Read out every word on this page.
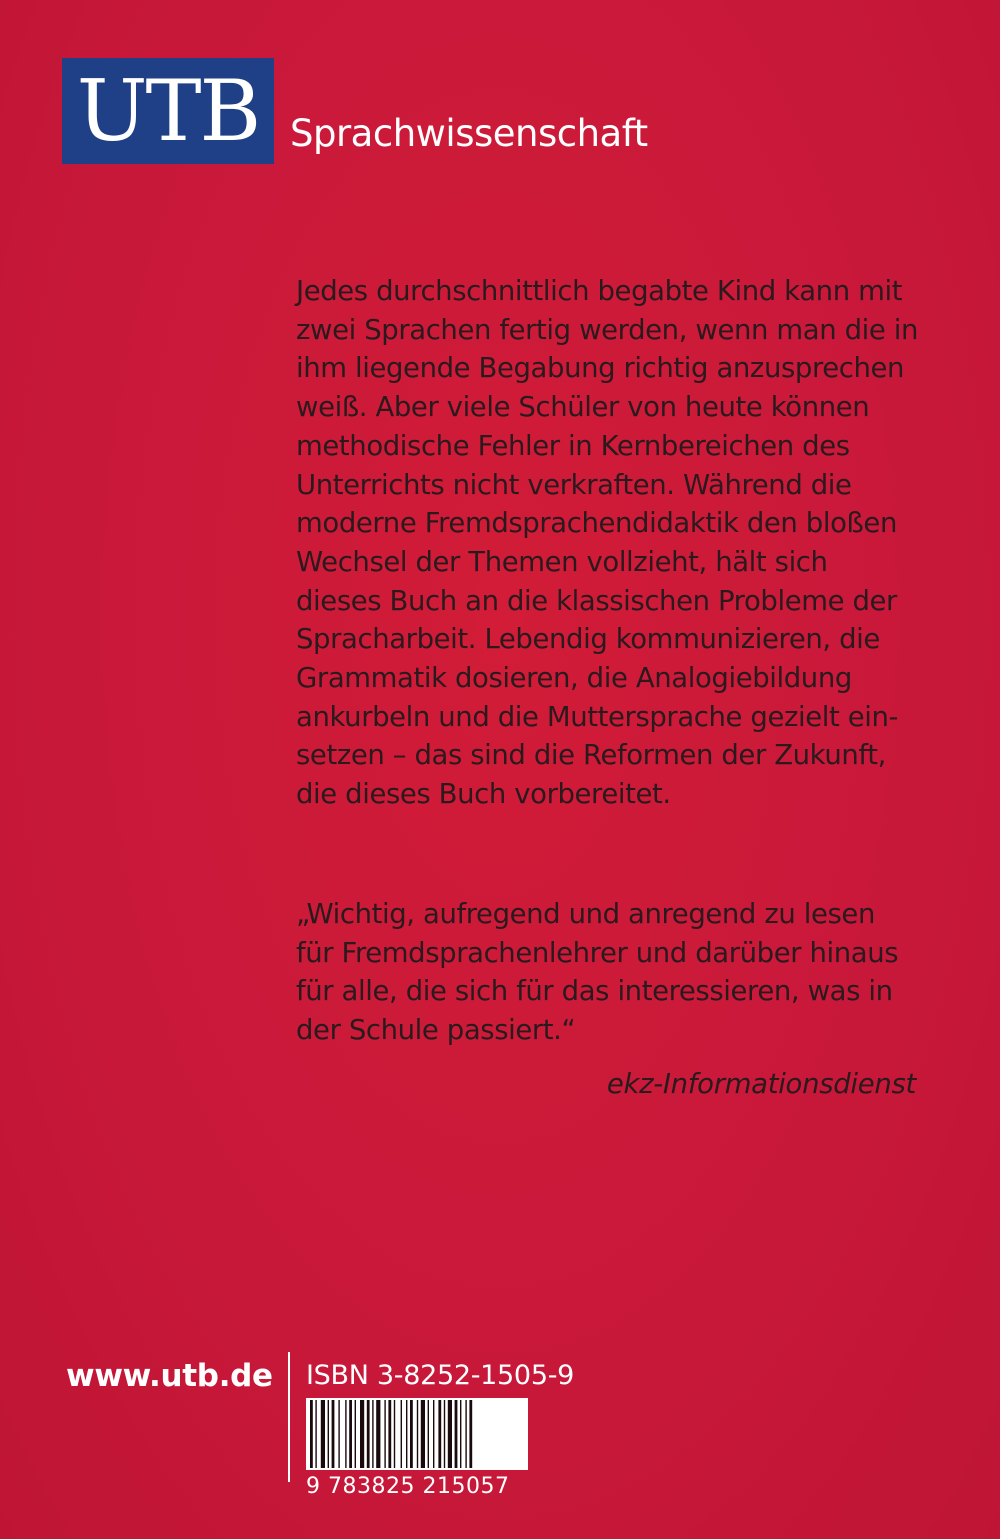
UTB Sprachwissenschaft

Jedes durchschnittlich begabte Kind kann mit

zwei Sprachen fertig werden, wenn man die in

ihm liegende Begabung richtig anzusprechen

weiß. Aber viele Schüler von heute können

methodische Fehler in Kernbereichen des

Unterrichts nicht verkraften. Während die

moderne Fremdsprachendidaktik den bloßen

Wechsel der Themen vollzieht, hält sich

dieses Buch an die klassischen Probleme der

Spracharbeit. Lebendig kommunizieren, die

Grammatik dosieren, die Analogiebildung

ankurbeln und die Muttersprache gezielt ein-

setzen – das sind die Reformen der Zukunft,

die dieses Buch vorbereitet.

„Wichtig, aufregend und anregend zu lesen

für Fremdsprachenlehrer und darüber hinaus

für alle, die sich für das interessieren, was in

der Schule passiert.“

ekz-Informationsdienst
www.utb.de ISBN 3-8252-1505-9
9 783825 215057
